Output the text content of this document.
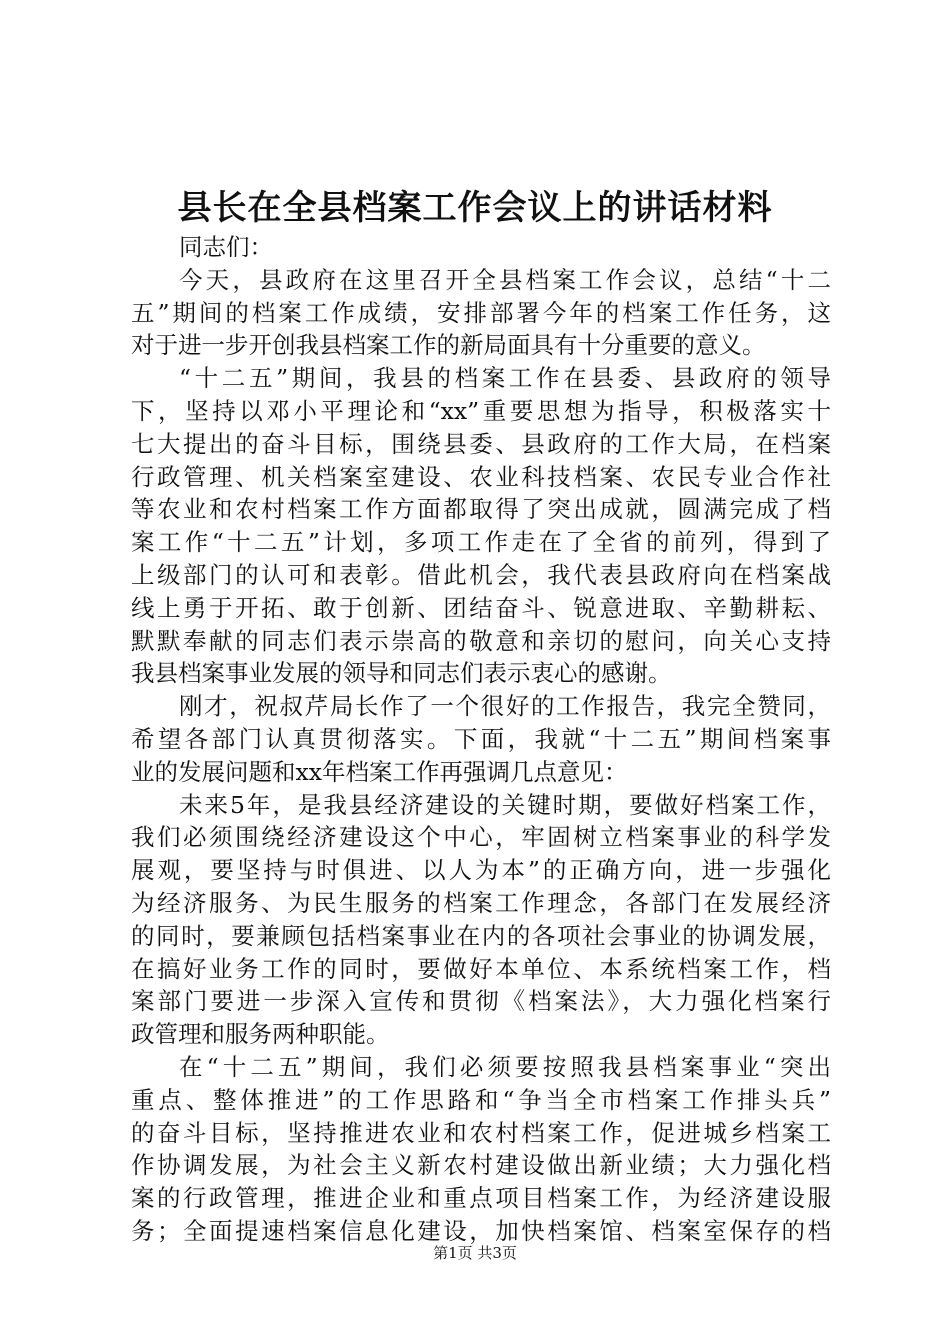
县长在全县档案工作会议上的讲话材料
同志们：
今天，县政府在这里召开全县档案工作会议，总结“十二
五”期间的档案工作成绩，安排部署今年的档案工作任务，这
对于进一步开创我县档案工作的新局面具有十分重要的意义。
“十二五”期间，我县的档案工作在县委、县政府的领导
下，坚持以邓小平理论和“xx”重要思想为指导，积极落实十
七大提出的奋斗目标，围绕县委、县政府的工作大局，在档案
行政管理、机关档案室建设、农业科技档案、农民专业合作社
等农业和农村档案工作方面都取得了突出成就，圆满完成了档
案工作“十二五”计划，多项工作走在了全省的前列，得到了
上级部门的认可和表彰。借此机会，我代表县政府向在档案战
线上勇于开拓、敢于创新、团结奋斗、锐意进取、辛勤耕耘、
默默奉献的同志们表示崇高的敬意和亲切的慰问，向关心支持
我县档案事业发展的领导和同志们表示衷心的感谢。
刚才，祝叔芹局长作了一个很好的工作报告，我完全赞同，
希望各部门认真贯彻落实。下面，我就“十二五”期间档案事
业的发展问题和xx年档案工作再强调几点意见：
未来5年，是我县经济建设的关键时期，要做好档案工作，
我们必须围绕经济建设这个中心，牢固树立档案事业的科学发
展观，要坚持与时俱进、以人为本”的正确方向，进一步强化
为经济服务、为民生服务的档案工作理念，各部门在发展经济
的同时，要兼顾包括档案事业在内的各项社会事业的协调发展，
在搞好业务工作的同时，要做好本单位、本系统档案工作，档
案部门要进一步深入宣传和贯彻《档案法》，大力强化档案行
政管理和服务两种职能。
在“十二五”期间，我们必须要按照我县档案事业“突出
重点、整体推进”的工作思路和“争当全市档案工作排头兵”
的奋斗目标，坚持推进农业和农村档案工作，促进城乡档案工
作协调发展，为社会主义新农村建设做出新业绩；大力强化档
案的行政管理，推进企业和重点项目档案工作，为经济建设服
务；全面提速档案信息化建设，加快档案馆、档案室保存的档
第1页 共3页
